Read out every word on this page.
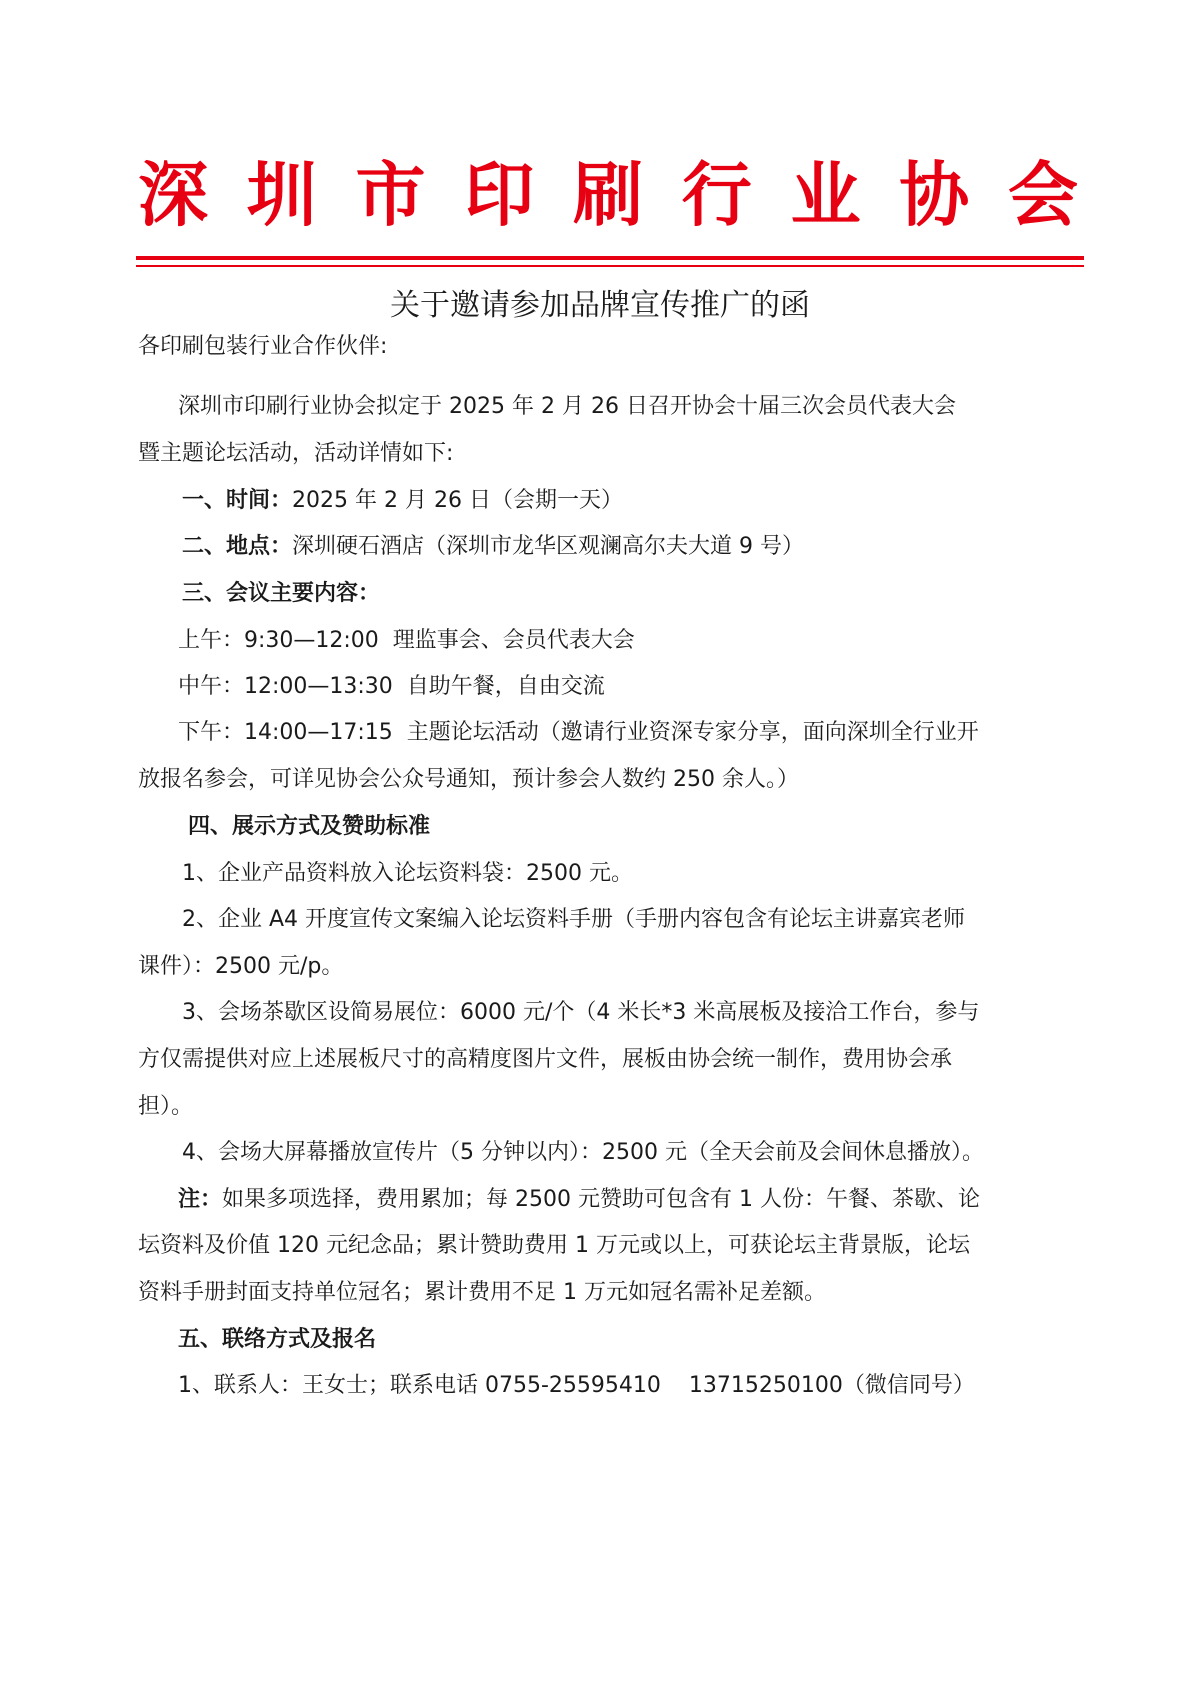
深 圳 市 印 刷 行 业 协 会
关于邀请参加品牌宣传推广的函
各印刷包装行业合作伙伴:
深圳市印刷行业协会拟定于 2025 年 2 月 26 日召开协会十届三次会员代表大会
暨主题论坛活动，活动详情如下:
一、时间：2025 年 2 月 26 日（会期一天）
二、地点：深圳硬石酒店（深圳市龙华区观澜高尔夫大道 9 号）
三、会议主要内容：
上午：9:30—12:00  理监事会、会员代表大会
中午：12:00—13:30  自助午餐，自由交流
下午：14:00—17:15  主题论坛活动（邀请行业资深专家分享，面向深圳全行业开
放报名参会，可详见协会公众号通知，预计参会人数约 250 余人。）
四、展示方式及赞助标准
1、企业产品资料放入论坛资料袋：2500 元。
2、企业 A4 开度宣传文案编入论坛资料手册（手册内容包含有论坛主讲嘉宾老师
课件）：2500 元/p。
3、会场茶歇区设简易展位：6000 元/个（4 米长*3 米高展板及接洽工作台，参与
方仅需提供对应上述展板尺寸的高精度图片文件，展板由协会统一制作，费用协会承
担）。
4、会场大屏幕播放宣传片（5 分钟以内）：2500 元（全天会前及会间休息播放）。
注：如果多项选择，费用累加；每 2500 元赞助可包含有 1 人份：午餐、茶歇、论
坛资料及价值 120 元纪念品；累计赞助费用 1 万元或以上，可获论坛主背景版，论坛
资料手册封面支持单位冠名；累计费用不足 1 万元如冠名需补足差额。
五、联络方式及报名
1、联系人：王女士；联系电话 0755-25595410    13715250100（微信同号）
